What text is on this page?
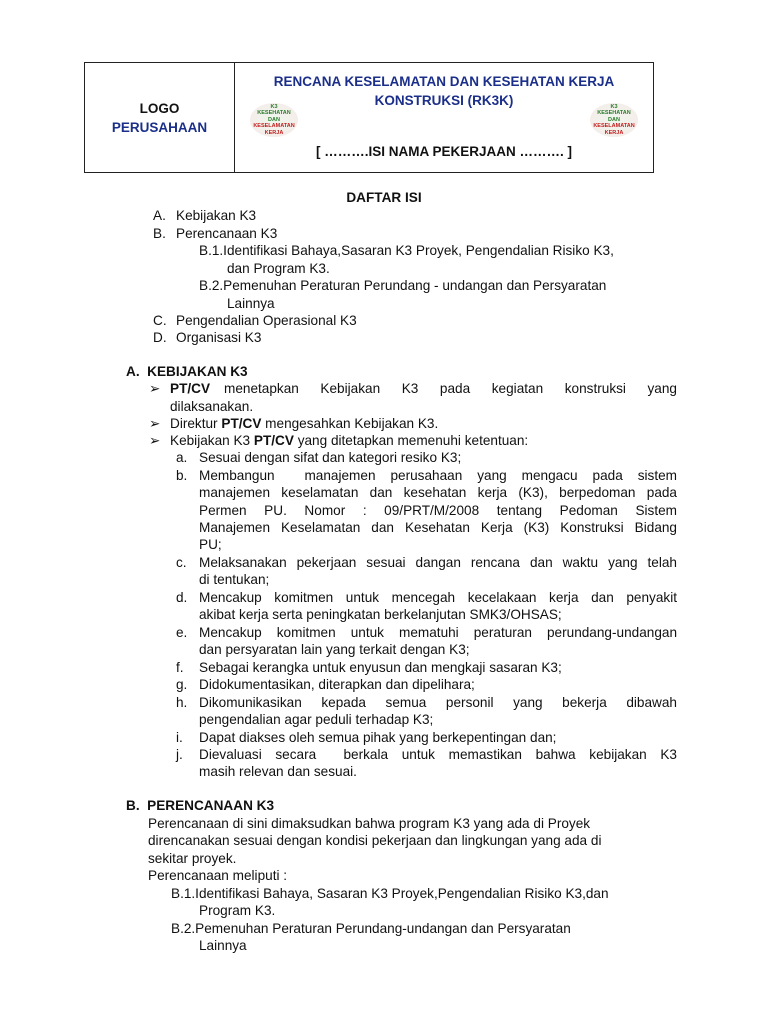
LOGO
PERUSAHAAN
RENCANA KESELAMATAN DAN KESEHATAN KERJA
KONSTRUKSI (RK3K)
K3
KESEHATAN
DAN
KESELAMATAN
KERJA
K3
KESEHATAN
DAN
KESELAMATAN
KERJA
[ ……….ISI NAMA PEKERJAAN ………. ]
DAFTAR ISI
A. Kebijakan K3
B. Perencanaan K3
B.1.Identifikasi Bahaya,Sasaran K3 Proyek, Pengendalian Risiko K3,
dan Program K3.
B.2.Pemenuhan Peraturan Perundang - undangan dan Persyaratan
Lainnya
C. Pengendalian Operasional K3
D. Organisasi K3
A.  KEBIJAKAN K3
➢ PT/CV menetapkan Kebijakan K3 pada kegiatan konstruksi yang
dilaksanakan.
➢ Direktur PT/CV mengesahkan Kebijakan K3.
➢ Kebijakan K3 PT/CV yang ditetapkan memenuhi ketentuan:
a. Sesuai dengan sifat dan kategori resiko K3;
b. Membangun  manajemen perusahaan yang mengacu pada sistem
manajemen keselamatan dan kesehatan kerja (K3), berpedoman pada
Permen PU. Nomor : 09/PRT/M/2008 tentang Pedoman Sistem
Manajemen Keselamatan dan Kesehatan Kerja (K3) Konstruksi Bidang
PU;
c. Melaksanakan pekerjaan sesuai dangan rencana dan waktu yang telah
di tentukan;
d. Mencakup komitmen untuk mencegah kecelakaan kerja dan penyakit
akibat kerja serta peningkatan berkelanjutan SMK3/OHSAS;
e. Mencakup komitmen untuk mematuhi peraturan perundang-undangan
dan persyaratan lain yang terkait dengan K3;
f. Sebagai kerangka untuk enyusun dan mengkaji sasaran K3;
g. Didokumentasikan, diterapkan dan dipelihara;
h. Dikomunikasikan kepada semua personil yang bekerja dibawah
pengendalian agar peduli terhadap K3;
i. Dapat diakses oleh semua pihak yang berkepentingan dan;
j. Dievaluasi secara  berkala untuk memastikan bahwa kebijakan K3
masih relevan dan sesuai.
B.  PERENCANAAN K3
Perencanaan di sini dimaksudkan bahwa program K3 yang ada di Proyek
direncanakan sesuai dengan kondisi pekerjaan dan lingkungan yang ada di
sekitar proyek.
Perencanaan meliputi :
B.1.Identifikasi Bahaya, Sasaran K3 Proyek,Pengendalian Risiko K3,dan
Program K3.
B.2.Pemenuhan Peraturan Perundang-undangan dan Persyaratan
Lainnya
